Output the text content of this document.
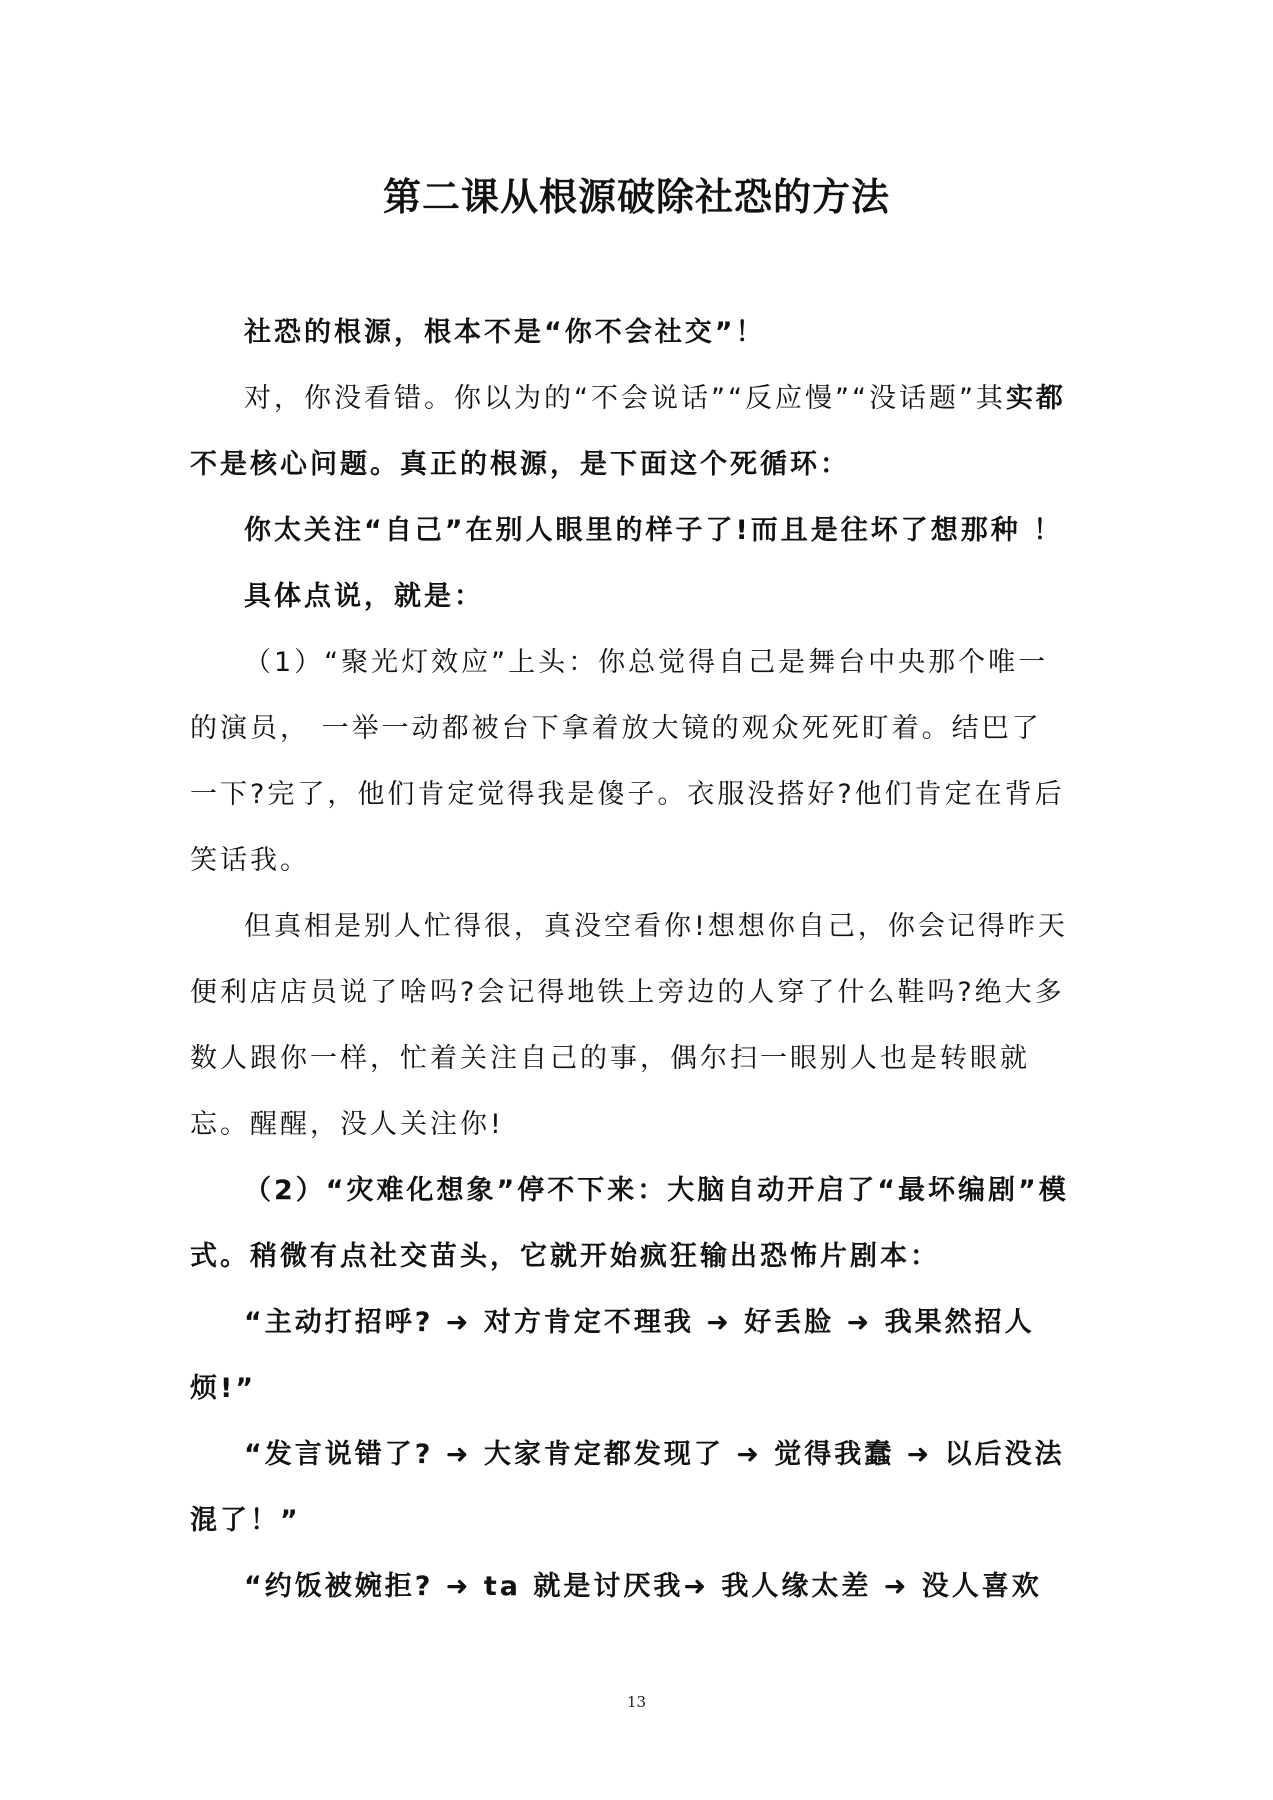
第二课从根源破除社恐的方法

社恐的根源，根本不是“你不会社交”！

对，你没看错。你以为的“不会说话”“反应慢”“没话题”其实都不是核心问题。真正的根源，是下面这个死循环：

你太关注“自己”在别人眼里的样子了!而且是往坏了想那种 ！

具体点说，就是：

（1）“聚光灯效应”上头：你总觉得自己是舞台中央那个唯一的演员， 一举一动都被台下拿着放大镜的观众死死盯着。结巴了一下?完了，他们肯定觉得我是傻子。衣服没搭好?他们肯定在背后笑话我。

但真相是别人忙得很，真没空看你!想想你自己，你会记得昨天便利店店员说了啥吗?会记得地铁上旁边的人穿了什么鞋吗?绝大多数人跟你一样，忙着关注自己的事，偶尔扫一眼别人也是转眼就忘。醒醒，没人关注你!

（2）“灾难化想象”停不下来：大脑自动开启了“最坏编剧”模式。稍微有点社交苗头，它就开始疯狂输出恐怖片剧本：

“主动打招呼? ➜ 对方肯定不理我 ➜ 好丢脸 ➜ 我果然招人烦!”

“发言说错了? ➜ 大家肯定都发现了 ➜ 觉得我蠢 ➜ 以后没法混了！”

“约饭被婉拒? ➜ ta 就是讨厌我➜ 我人缘太差 ➜ 没人喜欢

13
